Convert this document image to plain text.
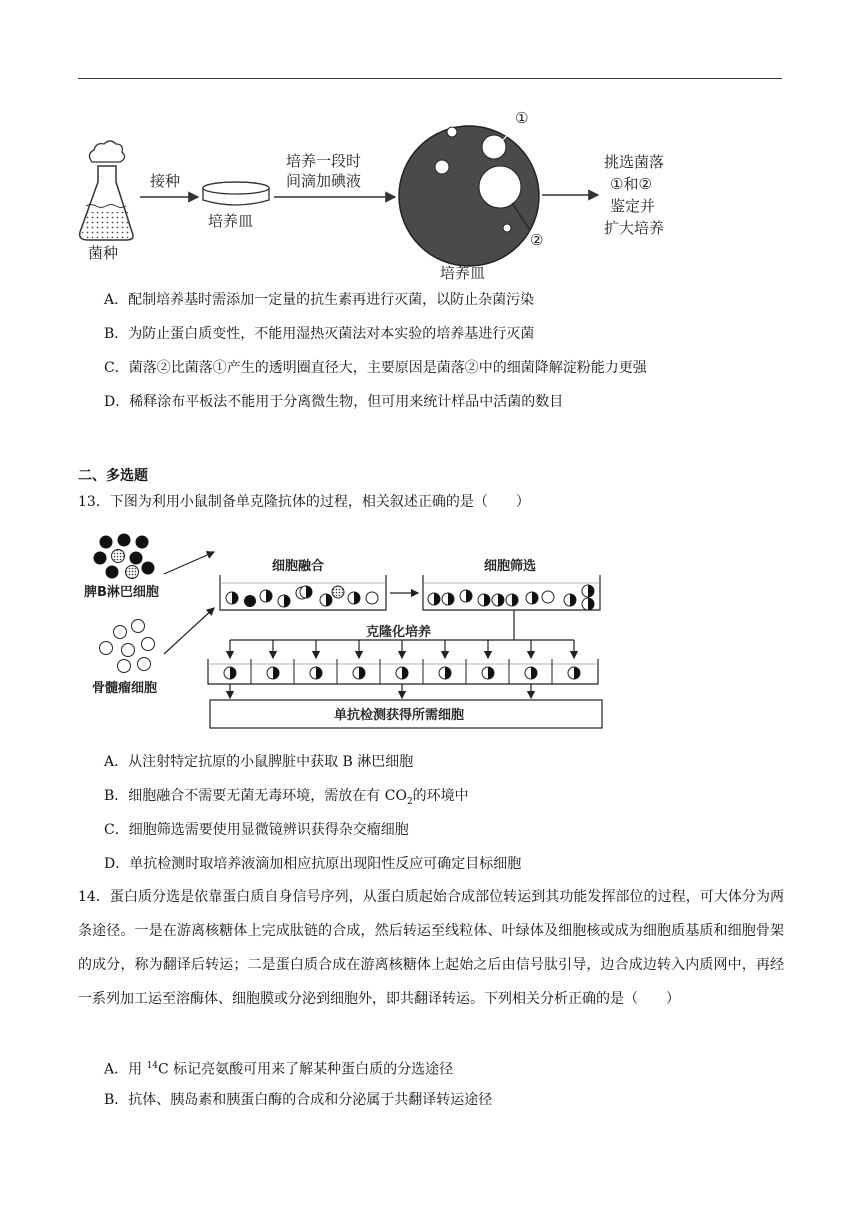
菌种
接种
培养皿
培养一段时
间滴加碘液
①
②
培养皿
挑选菌落
①和②
鉴定并
扩大培养
A．配制培养基时需添加一定量的抗生素再进行灭菌，以防止杂菌污染
B．为防止蛋白质变性，不能用湿热灭菌法对本实验的培养基进行灭菌
C．菌落②比菌落①产生的透明圈直径大，主要原因是菌落②中的细菌降解淀粉能力更强
D．稀释涂布平板法不能用于分离微生物，但可用来统计样品中活菌的数目
二、多选题
13．下图为利用小鼠制备单克隆抗体的过程，相关叙述正确的是（　　）
脾B淋巴细胞
骨髓瘤细胞
细胞融合	细胞筛选
克隆化培养
单抗检测获得所需细胞
A．从注射特定抗原的小鼠脾脏中获取 B 淋巴细胞
B．细胞融合不需要无菌无毒环境，需放在有 $CO_2$的环境中
C．细胞筛选需要使用显微镜辨识获得杂交瘤细胞
D．单抗检测时取培养液滴加相应抗原出现阳性反应可确定目标细胞
14．蛋白质分选是依靠蛋白质自身信号序列，从蛋白质起始合成部位转运到其功能发挥部位的过程，可大体分为两条途径。一是在游离核糖体上完成肽链的合成，然后转运至线粒体、叶绿体及细胞核或成为细胞质基质和细胞骨架的成分，称为翻译后转运；二是蛋白质合成在游离核糖体上起始之后由信号肽引导，边合成边转入内质网中，再经一系列加工运至溶酶体、细胞膜或分泌到细胞外，即共翻译转运。下列相关分析正确的是（　　）
A．用 $^{14}$C 标记亮氨酸可用来了解某种蛋白质的分选途径
B．抗体、胰岛素和胰蛋白酶的合成和分泌属于共翻译转运途径
